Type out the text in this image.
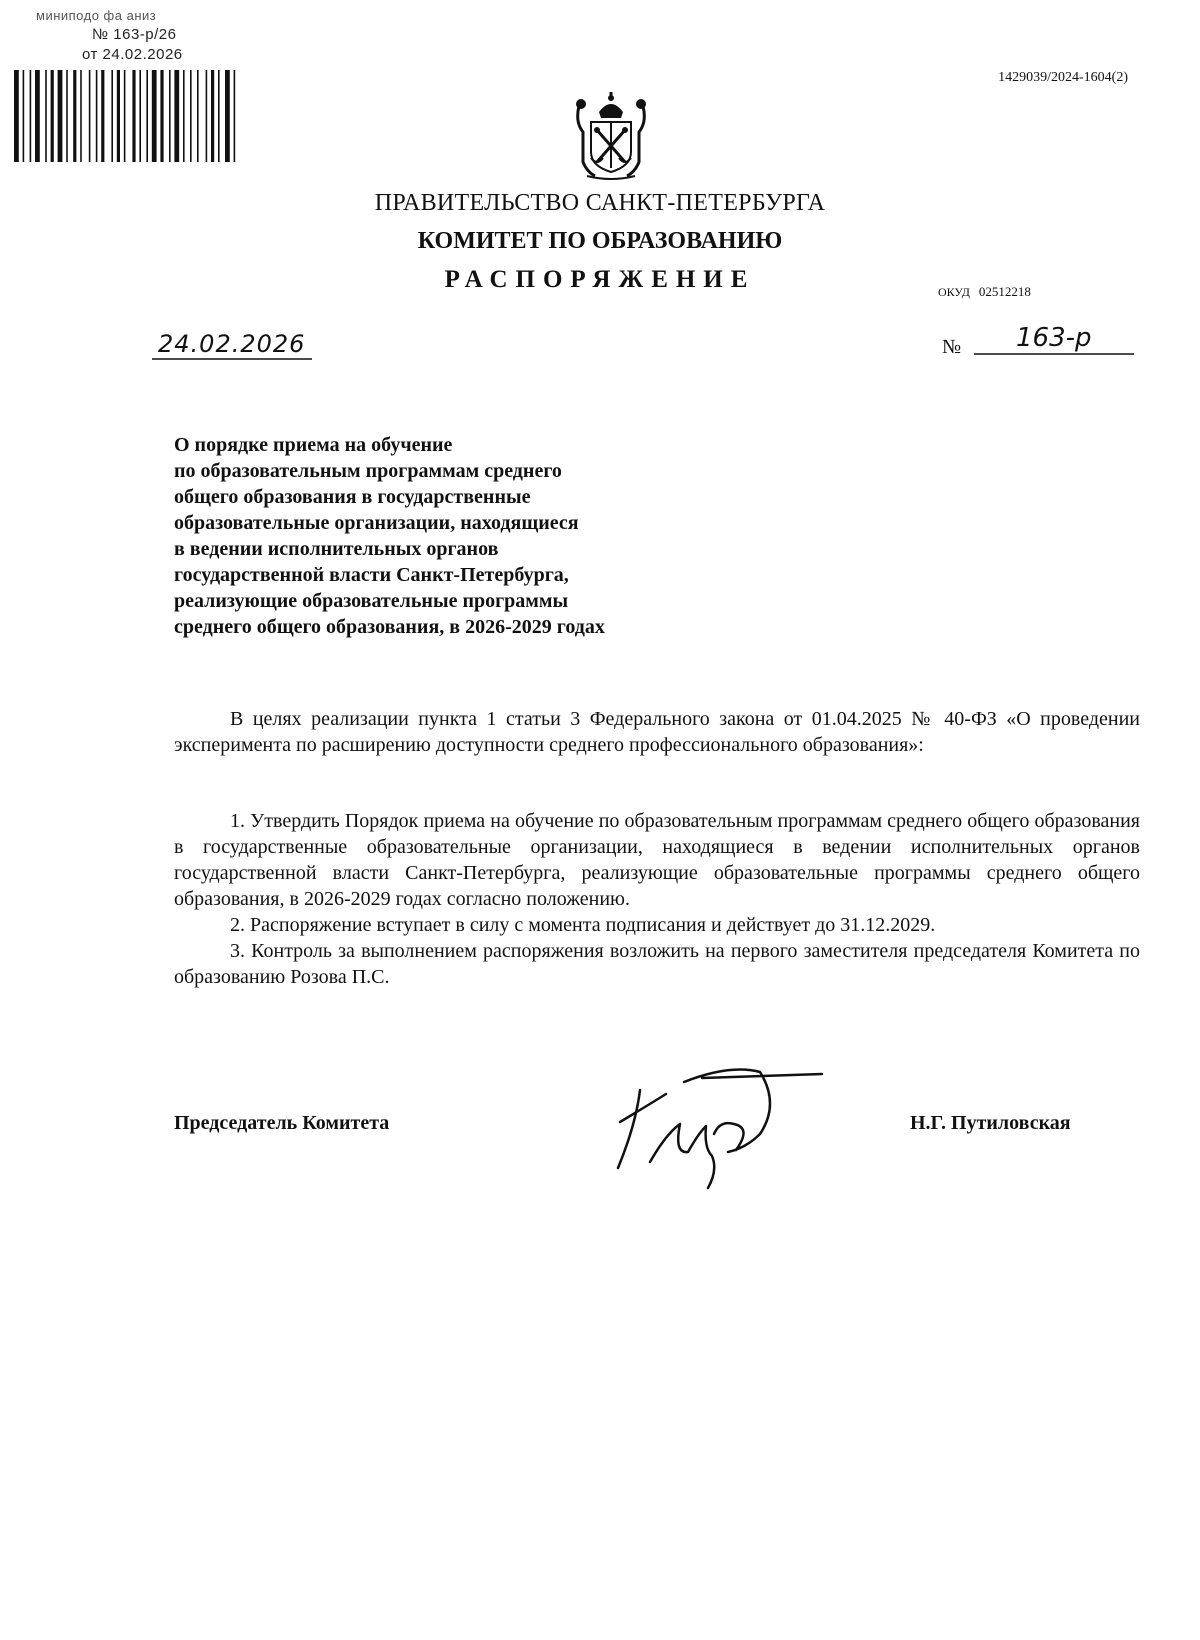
миниподо фа аниз
№ 163-р/26
от 24.02.2026
1429039/2024-1604(2)
ПРАВИТЕЛЬСТВО САНКТ-ПЕТЕРБУРГА
КОМИТЕТ ПО ОБРАЗОВАНИЮ
РАСПОРЯЖЕНИЕ	ОКУД 02512218
24.02.2026	№ 163-р
О порядке приема на обучение
по образовательным программам среднего
общего образования в государственные
образовательные организации, находящиеся
в ведении исполнительных органов
государственной власти Санкт-Петербурга,
реализующие образовательные программы
среднего общего образования, в 2026-2029 годах
В целях реализации пункта 1 статьи 3 Федерального закона от 01.04.2025 № 40-ФЗ «О проведении эксперимента по расширению доступности среднего профессионального образования»:

1. Утвердить Порядок приема на обучение по образовательным программам среднего общего образования в государственные образовательные организации, находящиеся в ведении исполнительных органов государственной власти Санкт-Петербурга, реализующие образовательные программы среднего общего образования, в 2026-2029 годах согласно положению.

2. Распоряжение вступает в силу с момента подписания и действует до 31.12.2029.

3. Контроль за выполнением распоряжения возложить на первого заместителя председателя Комитета по образованию Розова П.С.

Председатель Комитета	Н.Г. Путиловская
